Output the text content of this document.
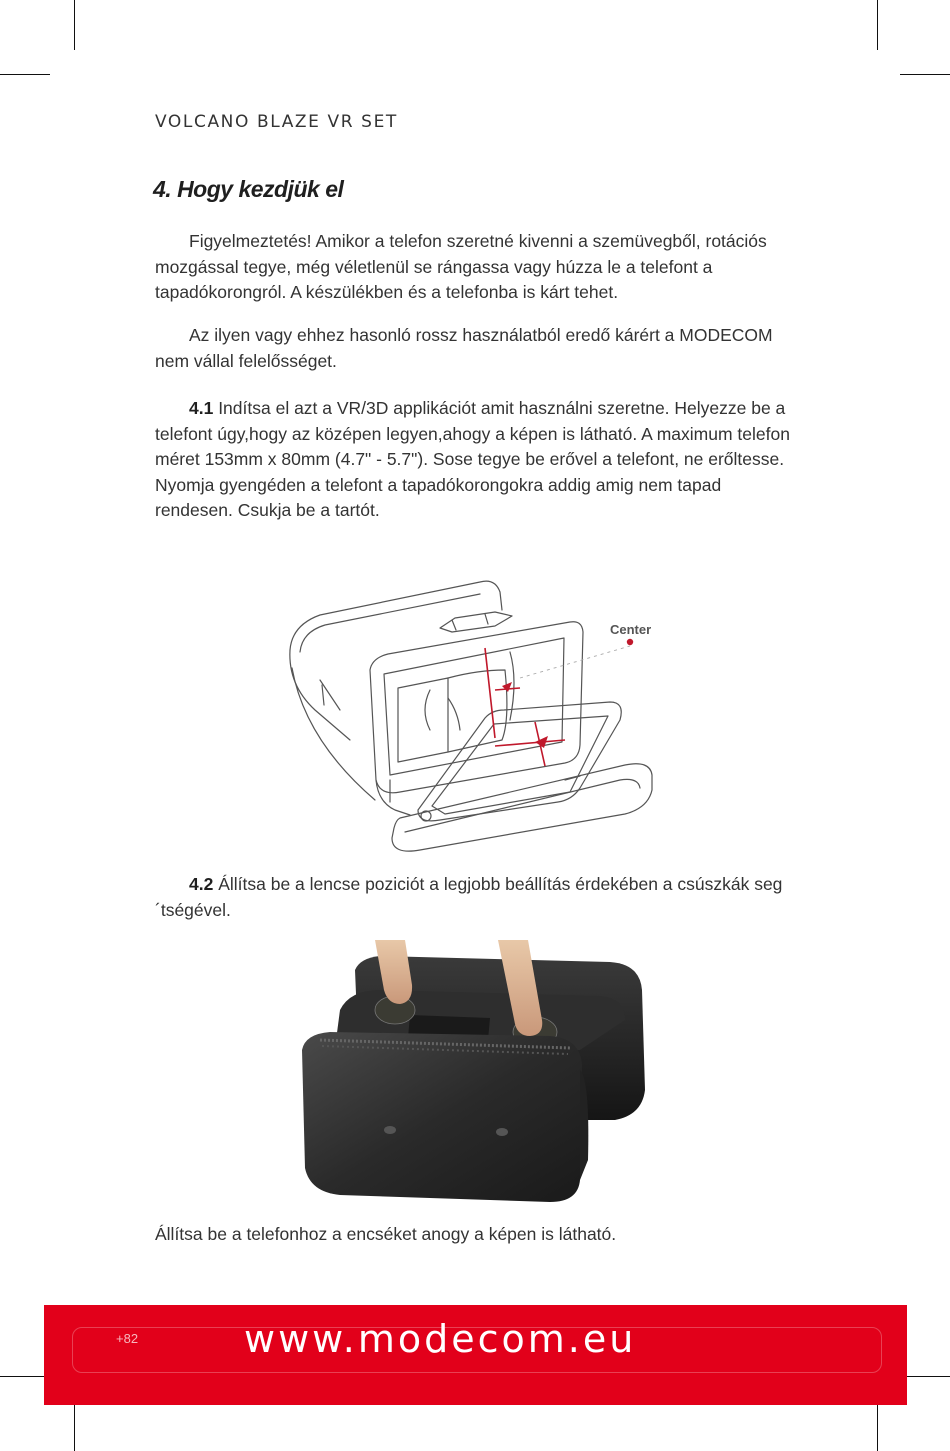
VOLCANO BLAZE VR SET
4. Hogy kezdjük el

Figyelmeztetés! Amikor a telefon szeretné kivenni a szemüvegből, rotációs mozgással tegye, még véletlenül se rángassa vagy húzza le a telefont a tapadókorongról. A készülékben és a telefonba is kárt tehet.

Az ilyen vagy ehhez hasonló rossz használatból eredő kárért a MODECOM nem vállal felelősséget.

4.1 Indítsa el azt a VR/3D applikációt amit használni szeretne. Helyezze be a telefont úgy,hogy az középen legyen,ahogy a képen is látható. A maximum telefon méret 153mm x 80mm (4.7" - 5.7"). Sose tegye be erővel a telefont, ne erőltesse. Nyomja gyengéden a telefont a tapadókorongokra addig amig nem tapad rendesen. Csukja be a tartót.

Center

4.2 Állítsa be a lencse poziciót a legjobb beállítás érdekében a csúszkák seg´tségével.

Állítsa be a telefonhoz a encséket anogy a képen is látható.

+82	www.modecom.eu
